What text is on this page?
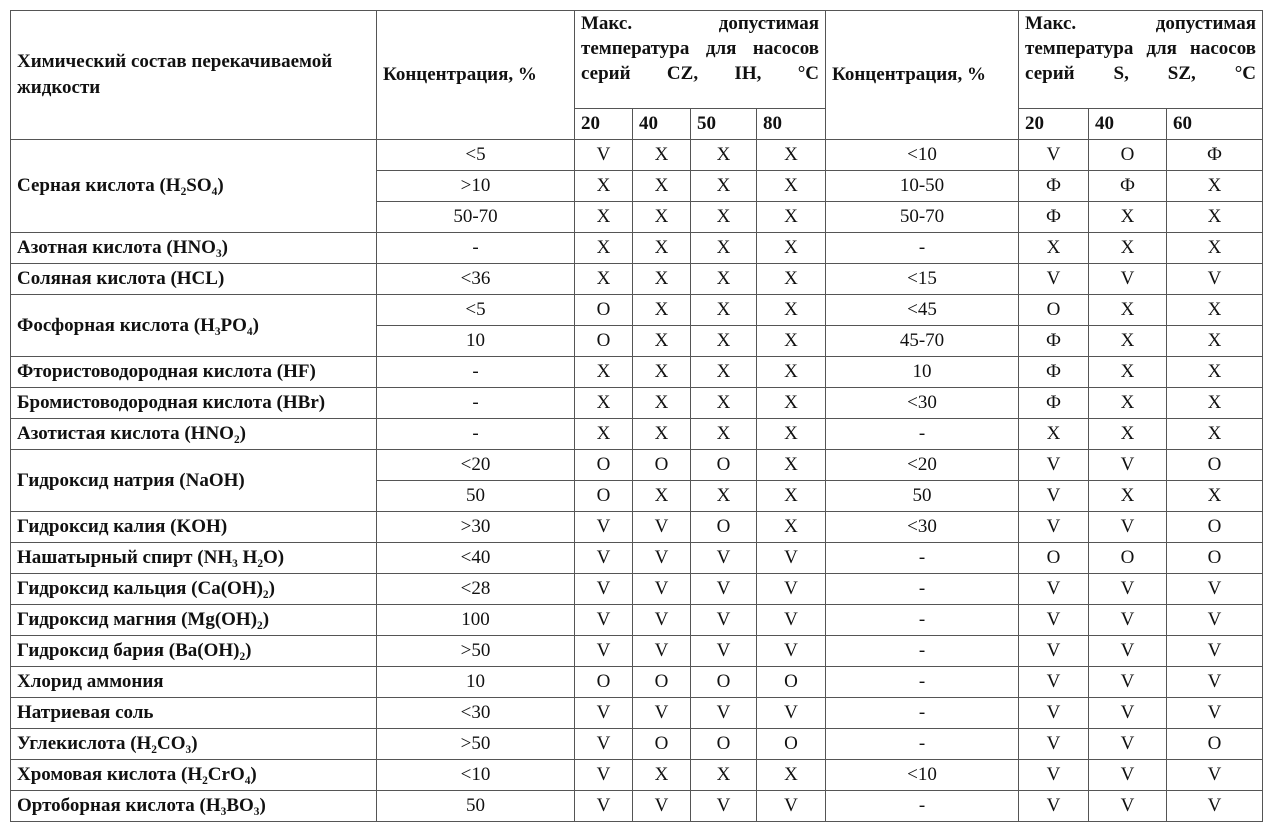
Химический состав перекачиваемой жидкости	Концентрация, %	Макс. допустимая температура для насосов серий CZ, IH, °C				Концентрация, %	Макс. допустимая температура для насосов серий S, SZ, °C		
		20	40	50	80		20	40	60
Серная кислота (H₂SO₄)	<5	V	X	X	X	<10	V	O	Ф
	>10	X	X	X	X	10-50	Ф	Ф	X
	50-70	X	X	X	X	50-70	Ф	X	X
Азотная кислота (HNO₃)	-	X	X	X	X	-	X	X	X
Соляная кислота (HCL)	<36	X	X	X	X	<15	V	V	V
Фосфорная кислота (H₃PO₄)	<5	O	X	X	X	<45	O	X	X
	10	O	X	X	X	45-70	Ф	X	X
Фтористоводородная кислота (HF)	-	X	X	X	X	10	Ф	X	X
Бромистоводородная кислота (HBr)	-	X	X	X	X	<30	Ф	X	X
Азотистая кислота (HNO₂)	-	X	X	X	X	-	X	X	X
Гидроксид натрия (NaOH)	<20	O	O	O	X	<20	V	V	O
	50	O	X	X	X	50	V	X	X
Гидроксид калия (KOH)	>30	V	V	O	X	<30	V	V	O
Нашатырный спирт (NH₃ H₂O)	<40	V	V	V	V	-	O	O	O
Гидроксид кальция (Ca(OH)₂)	<28	V	V	V	V	-	V	V	V
Гидроксид магния (Mg(OH)₂)	100	V	V	V	V	-	V	V	V
Гидроксид бария (Ba(OH)₂)	>50	V	V	V	V	-	V	V	V
Хлорид аммония	10	O	O	O	O	-	V	V	V
Натриевая соль	<30	V	V	V	V	-	V	V	V
Углекислота (H₂CO₃)	>50	V	O	O	O	-	V	V	O
Хромовая кислота (H₂CrO₄)	<10	V	X	X	X	<10	V	V	V
Ортоборная кислота (H₃BO₃)	50	V	V	V	V	-	V	V	V
